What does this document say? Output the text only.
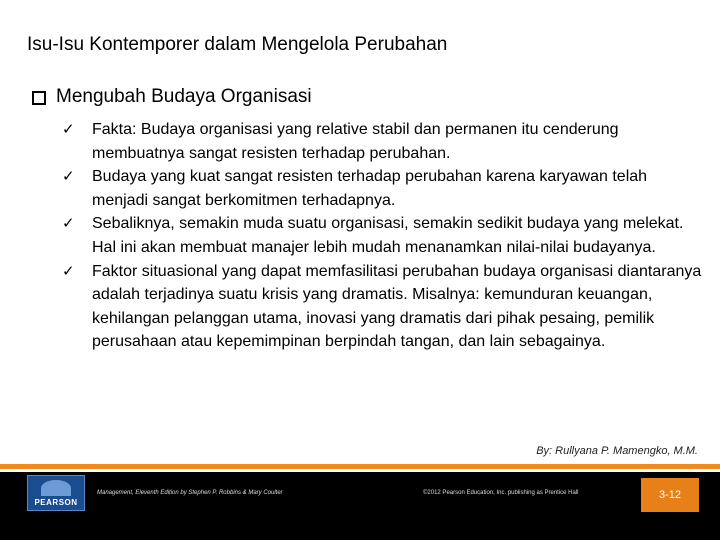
Isu-Isu Kontemporer dalam Mengelola Perubahan
Mengubah Budaya Organisasi
✓	Fakta: Budaya organisasi yang relative stabil dan permanen itu cenderung membuatnya sangat resisten terhadap perubahan.
✓	Budaya yang kuat sangat resisten terhadap perubahan karena karyawan telah menjadi sangat berkomitmen terhadapnya.
✓	Sebaliknya, semakin muda suatu organisasi, semakin sedikit budaya yang melekat. Hal ini akan membuat manajer lebih mudah menanamkan nilai-nilai budayanya.
✓	Faktor situasional yang dapat memfasilitasi perubahan budaya organisasi diantaranya adalah terjadinya suatu krisis yang dramatis. Misalnya: kemunduran keuangan, kehilangan pelanggan utama, inovasi yang dramatis dari pihak pesaing, pemilik perusahaan atau kepemimpinan berpindah tangan, dan lain sebagainya.
By: Rullyana P. Mamengko, M.M.
PEARSON
Management, Eleventh Edition by Stephen P. Robbins & Mary Coulter	©2012 Pearson Education, Inc. publishing as Prentice Hall	3-12
